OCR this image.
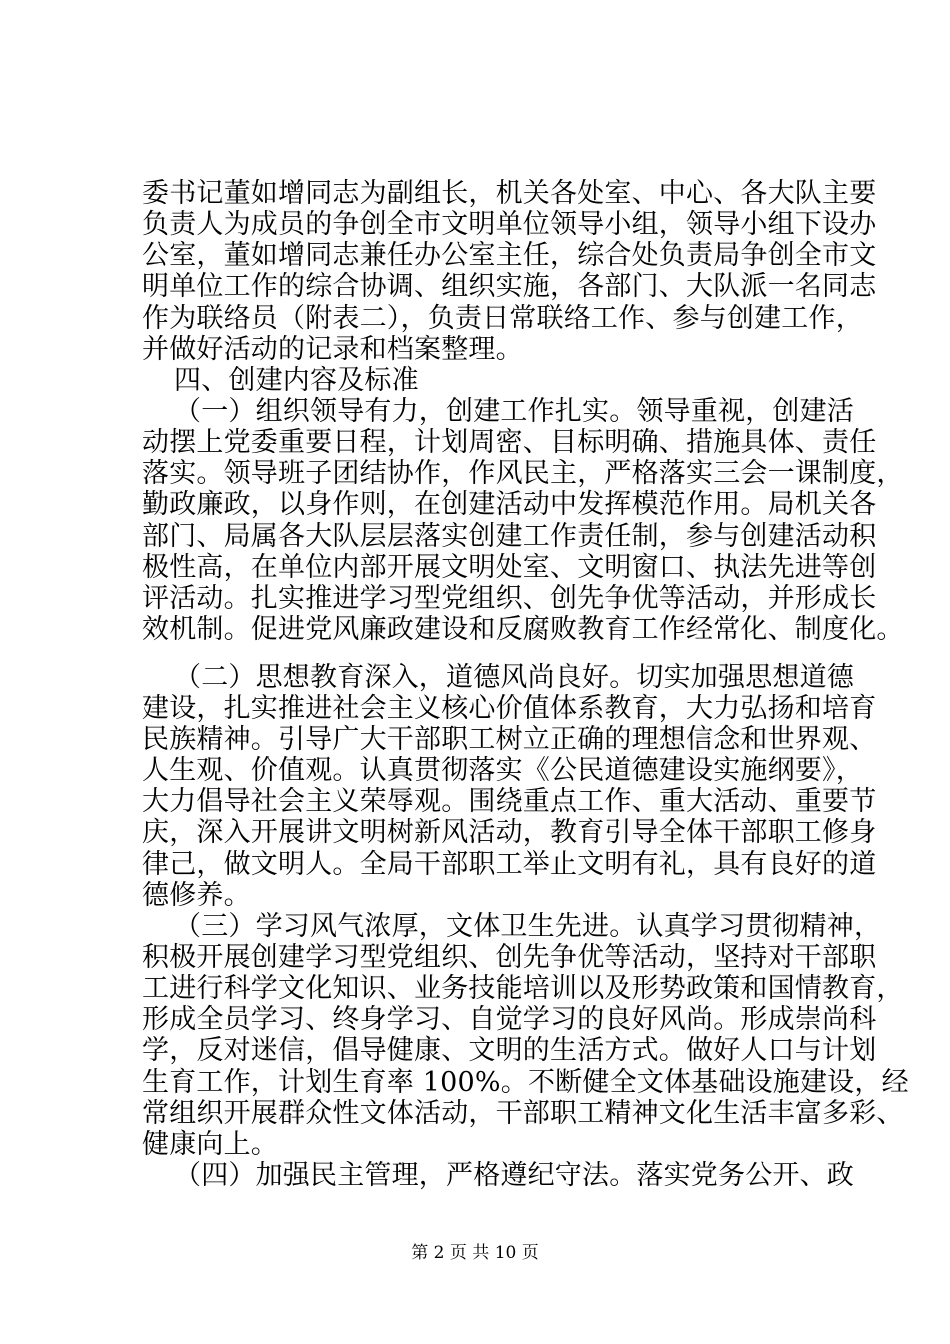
委书记董如增同志为副组长，机关各处室、中心、各大队主要
负责人为成员的争创全市文明单位领导小组，领导小组下设办
公室，董如增同志兼任办公室主任，综合处负责局争创全市文
明单位工作的综合协调、组织实施，各部门、大队派一名同志
作为联络员（附表二），负责日常联络工作、参与创建工作，
并做好活动的记录和档案整理。
四、创建内容及标准
（一）组织领导有力，创建工作扎实。领导重视，创建活
动摆上党委重要日程，计划周密、目标明确、措施具体、责任
落实。领导班子团结协作，作风民主，严格落实三会一课制度，
勤政廉政，以身作则，在创建活动中发挥模范作用。局机关各
部门、局属各大队层层落实创建工作责任制，参与创建活动积
极性高，在单位内部开展文明处室、文明窗口、执法先进等创
评活动。扎实推进学习型党组织、创先争优等活动，并形成长
效机制。促进党风廉政建设和反腐败教育工作经常化、制度化。
（二）思想教育深入，道德风尚良好。切实加强思想道德
建设，扎实推进社会主义核心价值体系教育，大力弘扬和培育
民族精神。引导广大干部职工树立正确的理想信念和世界观、
人生观、价值观。认真贯彻落实《公民道德建设实施纲要》，
大力倡导社会主义荣辱观。围绕重点工作、重大活动、重要节
庆，深入开展讲文明树新风活动，教育引导全体干部职工修身
律己，做文明人。全局干部职工举止文明有礼，具有良好的道
德修养。
（三）学习风气浓厚，文体卫生先进。认真学习贯彻精神，
积极开展创建学习型党组织、创先争优等活动，坚持对干部职
工进行科学文化知识、业务技能培训以及形势政策和国情教育，
形成全员学习、终身学习、自觉学习的良好风尚。形成崇尚科
学，反对迷信，倡导健康、文明的生活方式。做好人口与计划
生育工作，计划生育率 100%。不断健全文体基础设施建设，经
常组织开展群众性文体活动，干部职工精神文化生活丰富多彩、
健康向上。
（四）加强民主管理，严格遵纪守法。落实党务公开、政
第 2 页 共 10 页
